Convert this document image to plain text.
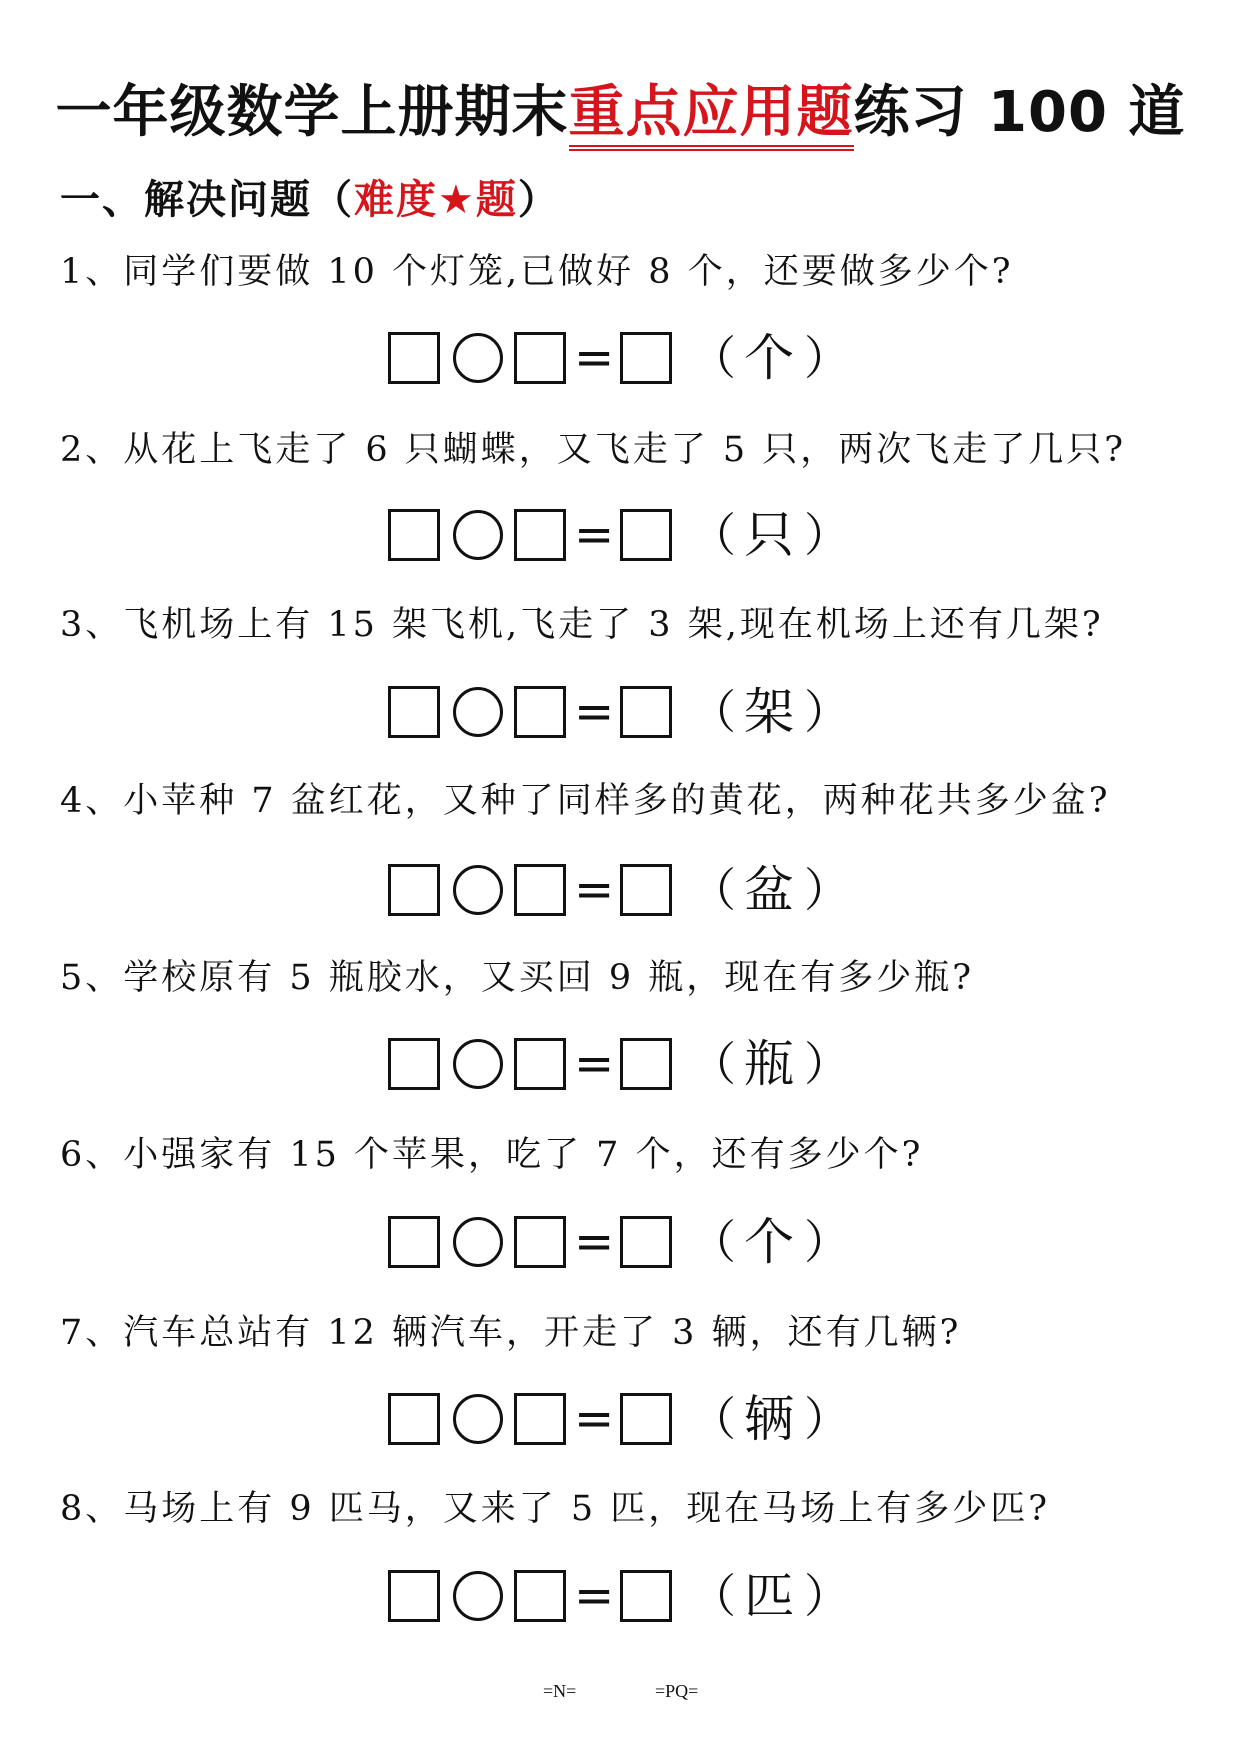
一年级数学上册期末重点应用题练习 100 道
一、解决问题（难度★题）
1、同学们要做 10 个灯笼,已做好 8 个，还要做多少个?
= （ 个 ）
2、从花上飞走了 6 只蝴蝶，又飞走了 5 只，两次飞走了几只?
= （ 只 ）
3、飞机场上有 15 架飞机,飞走了 3 架,现在机场上还有几架?
= （ 架 ）
4、小苹种 7 盆红花，又种了同样多的黄花，两种花共多少盆?
= （ 盆 ）
5、学校原有 5 瓶胶水，又买回 9 瓶，现在有多少瓶?
= （ 瓶 ）
6、小强家有 15 个苹果，吃了 7 个，还有多少个?
= （ 个 ）
7、汽车总站有 12 辆汽车，开走了 3 辆，还有几辆?
= （ 辆 ）
8、马场上有 9 匹马，又来了 5 匹，现在马场上有多少匹?
= （ 匹 ）
=N=	=PQ=
